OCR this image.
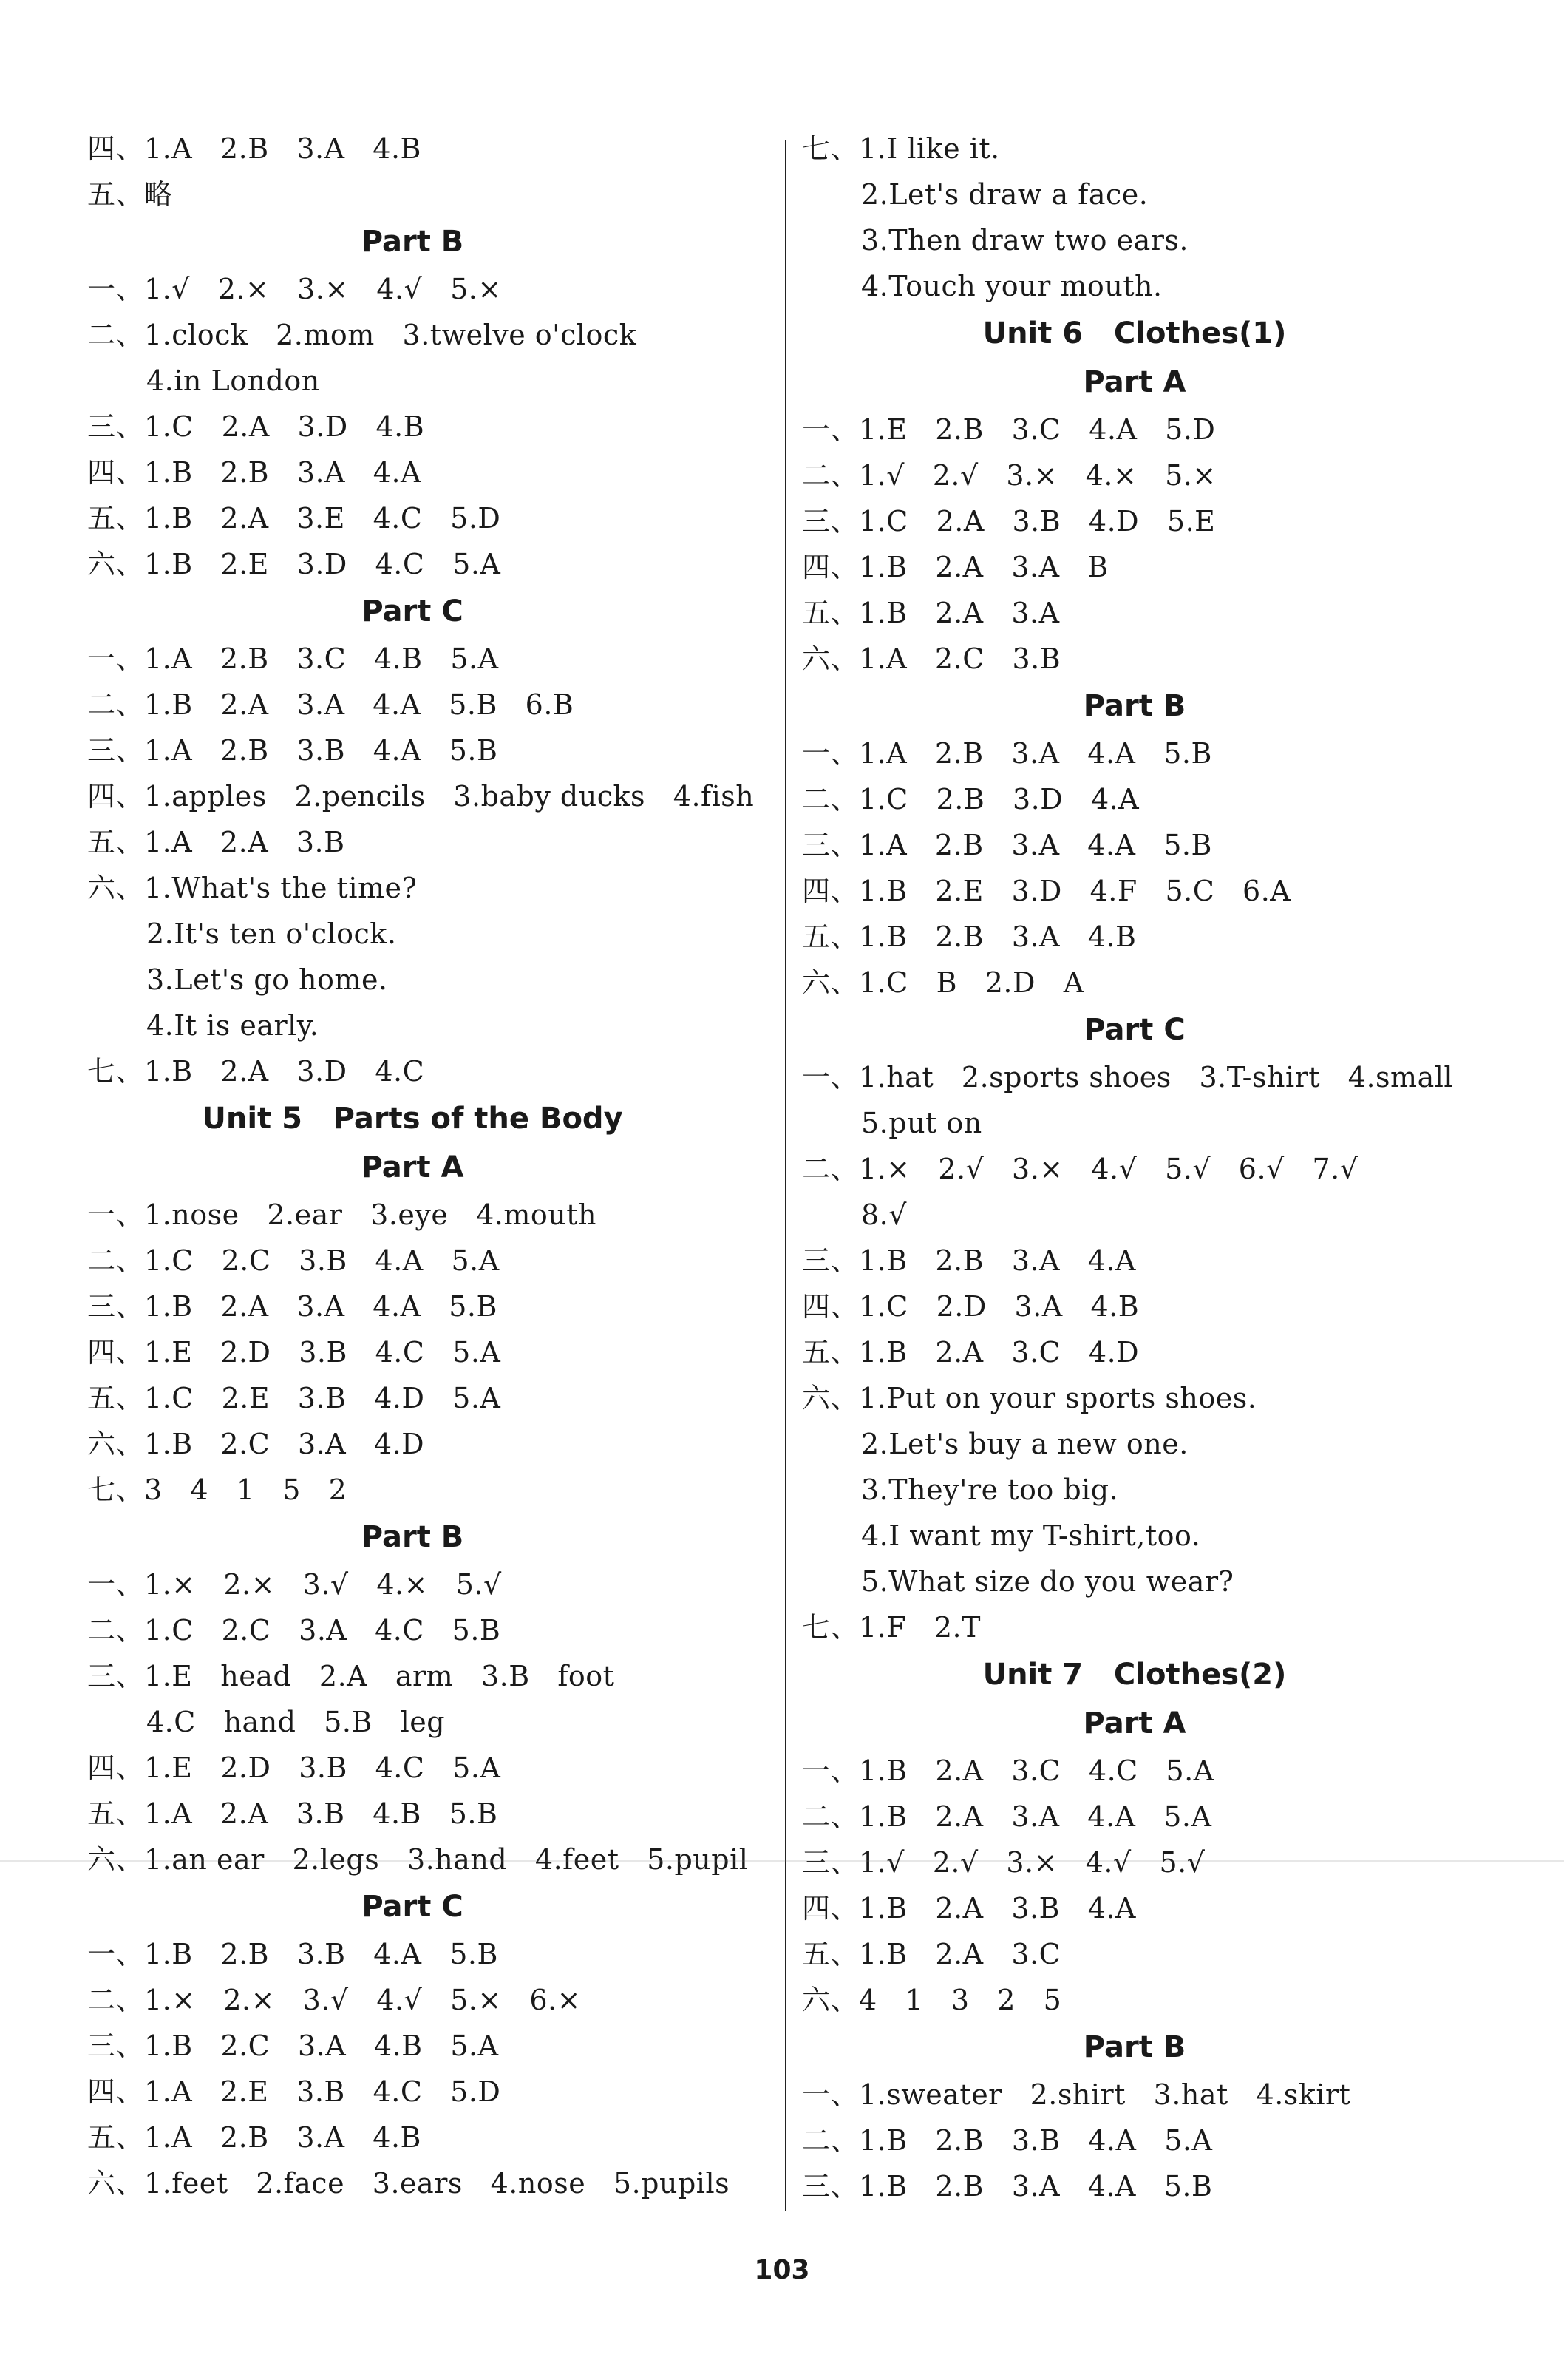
四、1.A   2.B   3.A   4.B
五、略
Part B
一、1.√   2.×   3.×   4.√   5.×
二、1.clock   2.mom   3.twelve o'clock
4.in London
三、1.C   2.A   3.D   4.B
四、1.B   2.B   3.A   4.A
五、1.B   2.A   3.E   4.C   5.D
六、1.B   2.E   3.D   4.C   5.A
Part C
一、1.A   2.B   3.C   4.B   5.A
二、1.B   2.A   3.A   4.A   5.B   6.B
三、1.A   2.B   3.B   4.A   5.B
四、1.apples   2.pencils   3.baby ducks   4.fish
五、1.A   2.A   3.B
六、1.What's the time?
2.It's ten o'clock.
3.Let's go home.
4.It is early.
七、1.B   2.A   3.D   4.C
Unit 5   Parts of the Body
Part A
一、1.nose   2.ear   3.eye   4.mouth
二、1.C   2.C   3.B   4.A   5.A
三、1.B   2.A   3.A   4.A   5.B
四、1.E   2.D   3.B   4.C   5.A
五、1.C   2.E   3.B   4.D   5.A
六、1.B   2.C   3.A   4.D
七、3   4   1   5   2
Part B
一、1.×   2.×   3.√   4.×   5.√
二、1.C   2.C   3.A   4.C   5.B
三、1.E   head   2.A   arm   3.B   foot
4.C   hand   5.B   leg
四、1.E   2.D   3.B   4.C   5.A
五、1.A   2.A   3.B   4.B   5.B
六、1.an ear   2.legs   3.hand   4.feet   5.pupil
Part C
一、1.B   2.B   3.B   4.A   5.B
二、1.×   2.×   3.√   4.√   5.×   6.×
三、1.B   2.C   3.A   4.B   5.A
四、1.A   2.E   3.B   4.C   5.D
五、1.A   2.B   3.A   4.B
六、1.feet   2.face   3.ears   4.nose   5.pupils
七、1.I like it.
2.Let's draw a face.
3.Then draw two ears.
4.Touch your mouth.
Unit 6   Clothes(1)
Part A
一、1.E   2.B   3.C   4.A   5.D
二、1.√   2.√   3.×   4.×   5.×
三、1.C   2.A   3.B   4.D   5.E
四、1.B   2.A   3.A   B
五、1.B   2.A   3.A
六、1.A   2.C   3.B
Part B
一、1.A   2.B   3.A   4.A   5.B
二、1.C   2.B   3.D   4.A
三、1.A   2.B   3.A   4.A   5.B
四、1.B   2.E   3.D   4.F   5.C   6.A
五、1.B   2.B   3.A   4.B
六、1.C   B   2.D   A
Part C
一、1.hat   2.sports shoes   3.T-shirt   4.small
5.put on
二、1.×   2.√   3.×   4.√   5.√   6.√   7.√
8.√
三、1.B   2.B   3.A   4.A
四、1.C   2.D   3.A   4.B
五、1.B   2.A   3.C   4.D
六、1.Put on your sports shoes.
2.Let's buy a new one.
3.They're too big.
4.I want my T-shirt,too.
5.What size do you wear?
七、1.F   2.T
Unit 7   Clothes(2)
Part A
一、1.B   2.A   3.C   4.C   5.A
二、1.B   2.A   3.A   4.A   5.A
三、1.√   2.√   3.×   4.√   5.√
四、1.B   2.A   3.B   4.A
五、1.B   2.A   3.C
六、4   1   3   2   5
Part B
一、1.sweater   2.shirt   3.hat   4.skirt
二、1.B   2.B   3.B   4.A   5.A
三、1.B   2.B   3.A   4.A   5.B
103
